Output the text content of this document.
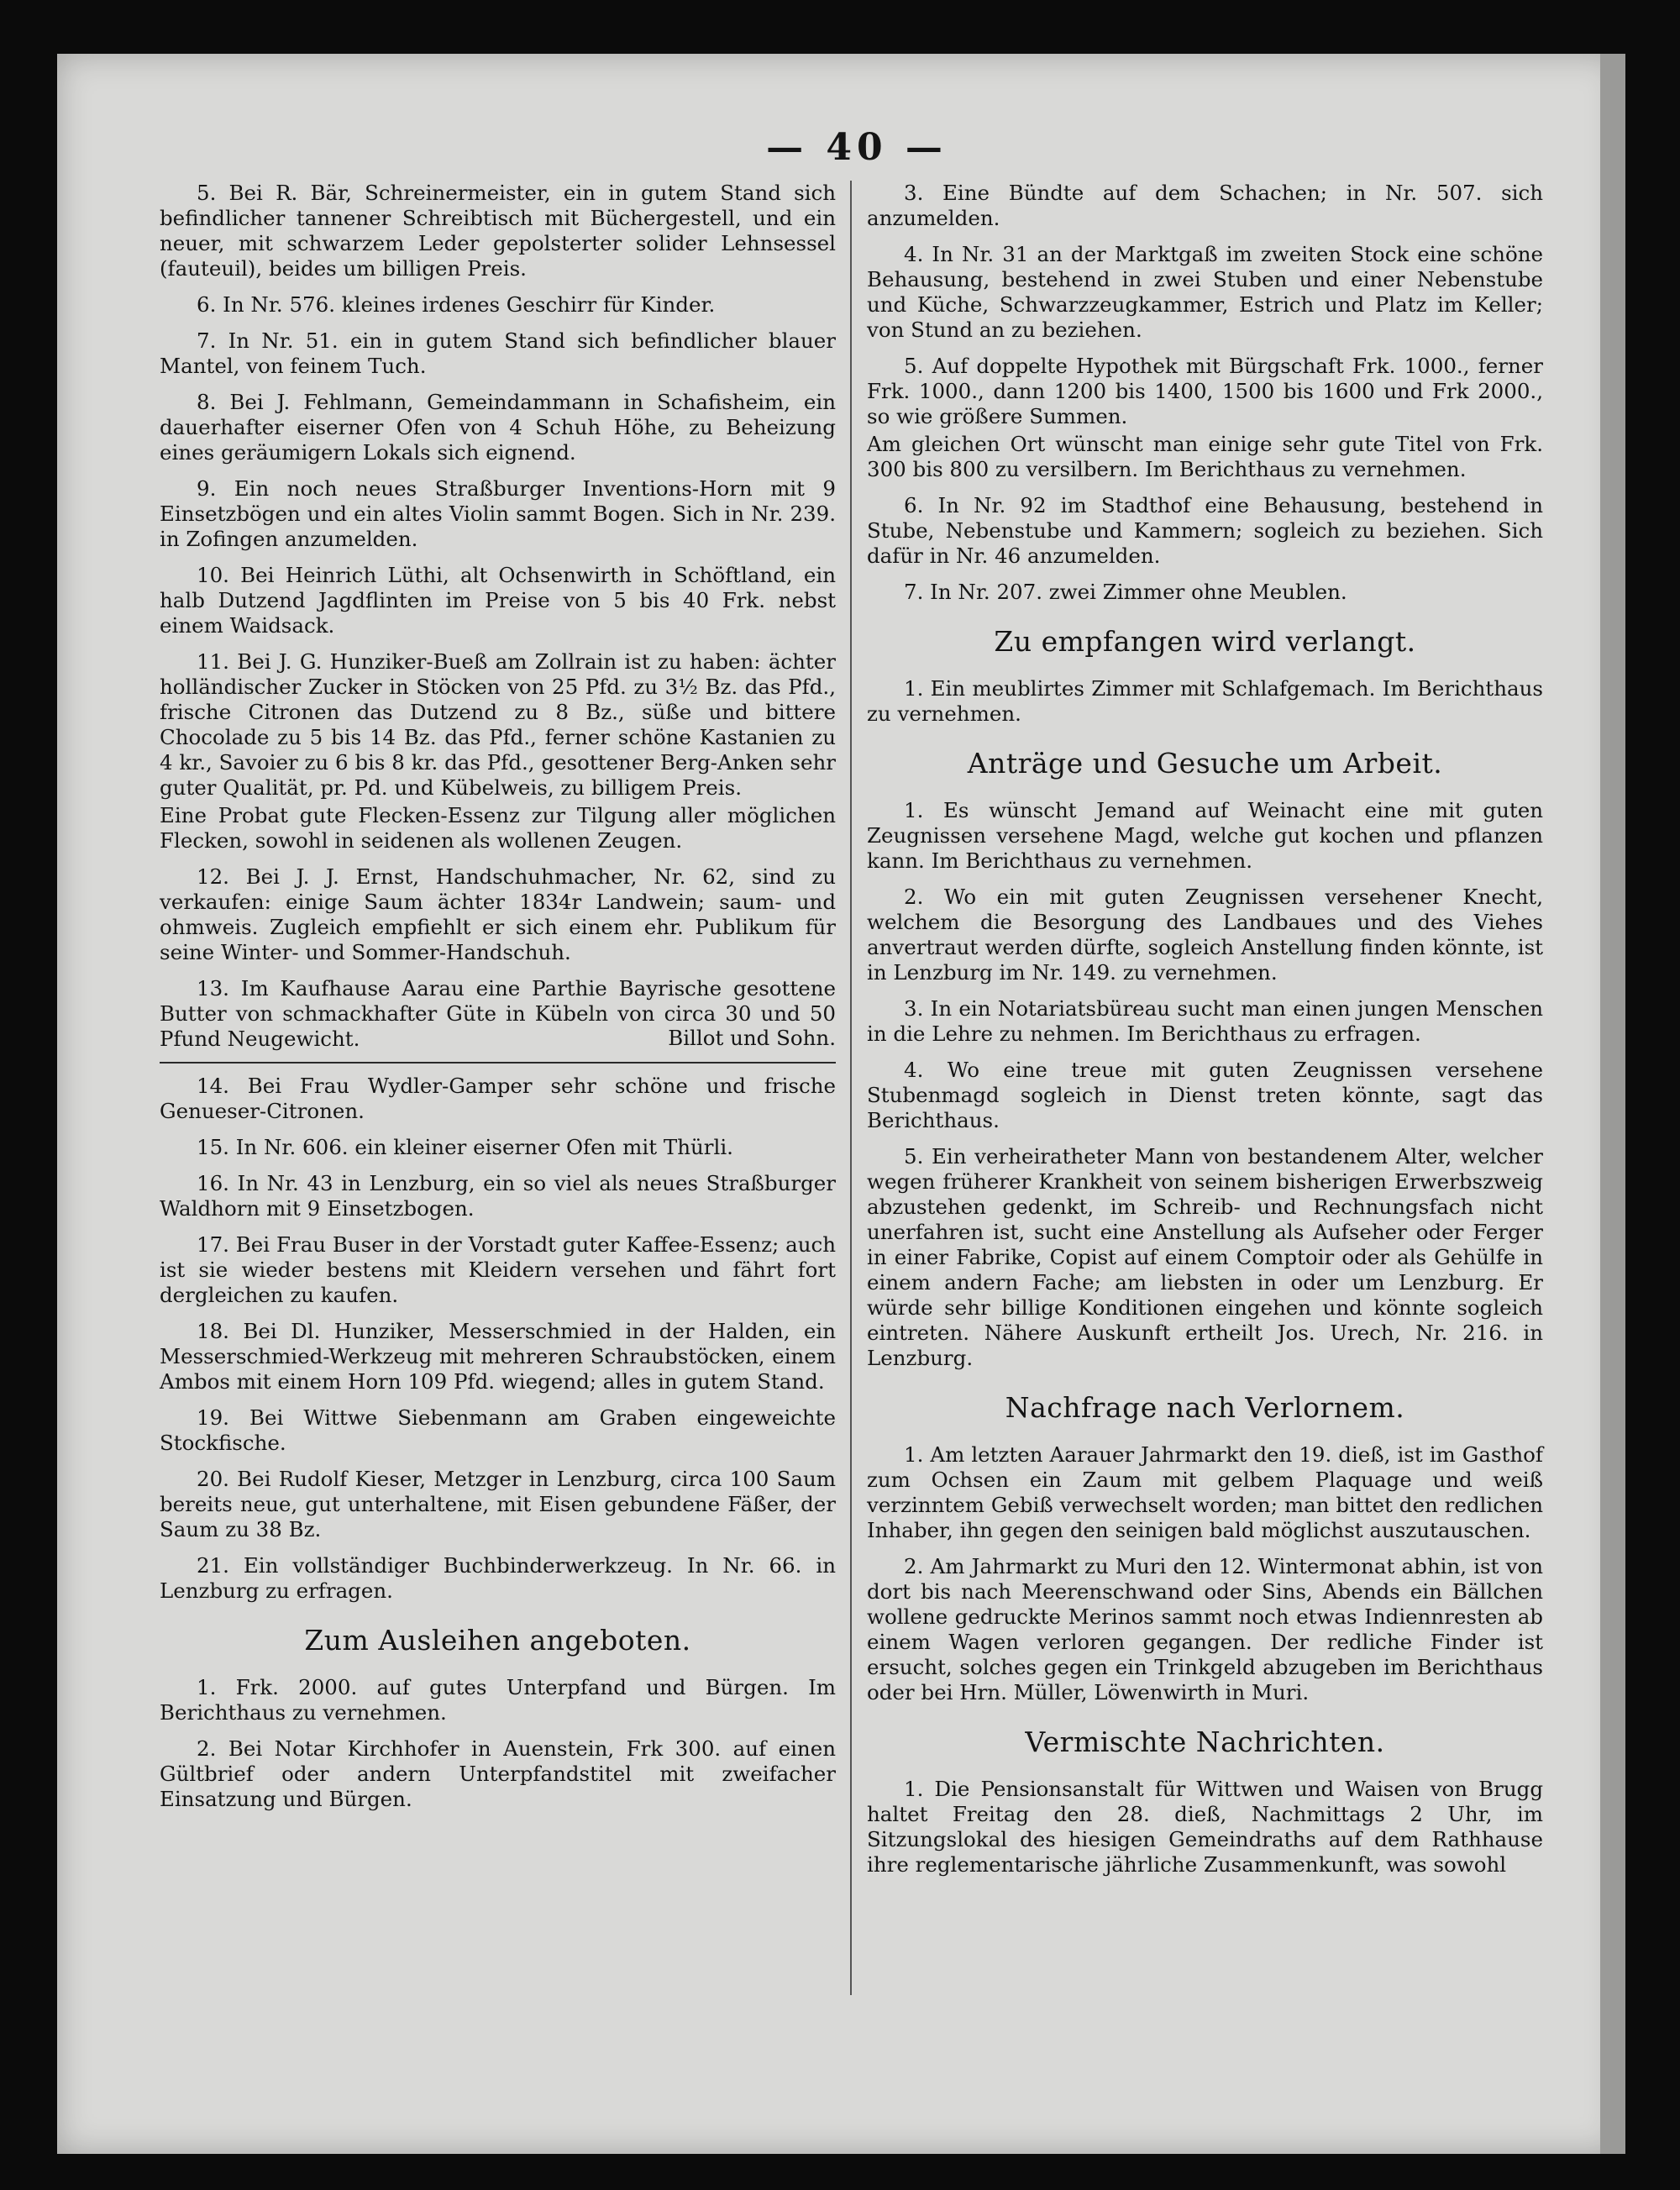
— 40 —

5. Bei R. Bär, Schreinermeister, ein in gutem Stand sich befindlicher tannener Schreibtisch mit Büchergestell, und ein neuer, mit schwarzem Leder gepolsterter solider Lehnsessel (fauteuil), beides um billigen Preis.

6. In Nr. 576. kleines irdenes Geschirr für Kinder.

7. In Nr. 51. ein in gutem Stand sich befindlicher blauer Mantel, von feinem Tuch.

8. Bei J. Fehlmann, Gemeindammann in Schafisheim, ein dauerhafter eiserner Ofen von 4 Schuh Höhe, zu Beheizung eines geräumigern Lokals sich eignend.

9. Ein noch neues Straßburger Inventions-Horn mit 9 Einsetzbögen und ein altes Violin sammt Bogen. Sich in Nr. 239. in Zofingen anzumelden.

10. Bei Heinrich Lüthi, alt Ochsenwirth in Schöftland, ein halb Dutzend Jagdflinten im Preise von 5 bis 40 Frk. nebst einem Waidsack.

11. Bei J. G. Hunziker-Bueß am Zollrain ist zu haben: ächter holländischer Zucker in Stöcken von 25 Pfd. zu 3½ Bz. das Pfd., frische Citronen das Dutzend zu 8 Bz., süße und bittere Chocolade zu 5 bis 14 Bz. das Pfd., ferner schöne Kastanien zu 4 kr., Savoier zu 6 bis 8 kr. das Pfd., gesottener Berg-Anken sehr guter Qualität, pr. Pd. und Kübelweis, zu billigem Preis.

Eine Probat gute Flecken-Essenz zur Tilgung aller möglichen Flecken, sowohl in seidenen als wollenen Zeugen.

12. Bei J. J. Ernst, Handschuhmacher, Nr. 62, sind zu verkaufen: einige Saum ächter 1834r Landwein; saum- und ohmweis. Zugleich empfiehlt er sich einem ehr. Publikum für seine Winter- und Sommer-Handschuh.

13. Im Kaufhause Aarau eine Parthie Bayrische gesottene Butter von schmackhafter Güte in Kübeln von circa 30 und 50 Pfund Neugewicht.	Billot und Sohn.

14. Bei Frau Wydler-Gamper sehr schöne und frische Genueser-Citronen.

15. In Nr. 606. ein kleiner eiserner Ofen mit Thürli.

16. In Nr. 43 in Lenzburg, ein so viel als neues Straßburger Waldhorn mit 9 Einsetzbogen.

17. Bei Frau Buser in der Vorstadt guter Kaffee-Essenz; auch ist sie wieder bestens mit Kleidern versehen und fährt fort dergleichen zu kaufen.

18. Bei Dl. Hunziker, Messerschmied in der Halden, ein Messerschmied-Werkzeug mit mehreren Schraubstöcken, einem Ambos mit einem Horn 109 Pfd. wiegend; alles in gutem Stand.

19. Bei Wittwe Siebenmann am Graben eingeweichte Stockfische.

20. Bei Rudolf Kieser, Metzger in Lenzburg, circa 100 Saum bereits neue, gut unterhaltene, mit Eisen gebundene Fäßer, der Saum zu 38 Bz.

21. Ein vollständiger Buchbinderwerkzeug. In Nr. 66. in Lenzburg zu erfragen.

Zum Ausleihen angeboten.

1. Frk. 2000. auf gutes Unterpfand und Bürgen. Im Berichthaus zu vernehmen.

2. Bei Notar Kirchhofer in Auenstein, Frk 300. auf einen Gültbrief oder andern Unterpfandstitel mit zweifacher Einsatzung und Bürgen.

3. Eine Bündte auf dem Schachen; in Nr. 507. sich anzumelden.

4. In Nr. 31 an der Marktgaß im zweiten Stock eine schöne Behausung, bestehend in zwei Stuben und einer Nebenstube und Küche, Schwarzzeugkammer, Estrich und Platz im Keller; von Stund an zu beziehen.

5. Auf doppelte Hypothek mit Bürgschaft Frk. 1000., ferner Frk. 1000., dann 1200 bis 1400, 1500 bis 1600 und Frk 2000., so wie größere Summen.

Am gleichen Ort wünscht man einige sehr gute Titel von Frk. 300 bis 800 zu versilbern. Im Berichthaus zu vernehmen.

6. In Nr. 92 im Stadthof eine Behausung, bestehend in Stube, Nebenstube und Kammern; sogleich zu beziehen. Sich dafür in Nr. 46 anzumelden.

7. In Nr. 207. zwei Zimmer ohne Meublen.

Zu empfangen wird verlangt.

1. Ein meublirtes Zimmer mit Schlafgemach. Im Berichthaus zu vernehmen.

Anträge und Gesuche um Arbeit.

1. Es wünscht Jemand auf Weinacht eine mit guten Zeugnissen versehene Magd, welche gut kochen und pflanzen kann. Im Berichthaus zu vernehmen.

2. Wo ein mit guten Zeugnissen versehener Knecht, welchem die Besorgung des Landbaues und des Viehes anvertraut werden dürfte, sogleich Anstellung finden könnte, ist in Lenzburg im Nr. 149. zu vernehmen.

3. In ein Notariatsbüreau sucht man einen jungen Menschen in die Lehre zu nehmen. Im Berichthaus zu erfragen.

4. Wo eine treue mit guten Zeugnissen versehene Stubenmagd sogleich in Dienst treten könnte, sagt das Berichthaus.

5. Ein verheiratheter Mann von bestandenem Alter, welcher wegen früherer Krankheit von seinem bisherigen Erwerbszweig abzustehen gedenkt, im Schreib- und Rechnungsfach nicht unerfahren ist, sucht eine Anstellung als Aufseher oder Ferger in einer Fabrike, Copist auf einem Comptoir oder als Gehülfe in einem andern Fache; am liebsten in oder um Lenzburg. Er würde sehr billige Konditionen eingehen und könnte sogleich eintreten. Nähere Auskunft ertheilt Jos. Urech, Nr. 216. in Lenzburg.

Nachfrage nach Verlornem.

1. Am letzten Aarauer Jahrmarkt den 19. dieß, ist im Gasthof zum Ochsen ein Zaum mit gelbem Plaquage und weiß verzinntem Gebiß verwechselt worden; man bittet den redlichen Inhaber, ihn gegen den seinigen bald möglichst auszutauschen.

2. Am Jahrmarkt zu Muri den 12. Wintermonat abhin, ist von dort bis nach Meerenschwand oder Sins, Abends ein Bällchen wollene gedruckte Merinos sammt noch etwas Indiennresten ab einem Wagen verloren gegangen. Der redliche Finder ist ersucht, solches gegen ein Trinkgeld abzugeben im Berichthaus oder bei Hrn. Müller, Löwenwirth in Muri.

Vermischte Nachrichten.

1. Die Pensionsanstalt für Wittwen und Waisen von Brugg haltet Freitag den 28. dieß, Nachmittags 2 Uhr, im Sitzungslokal des hiesigen Gemeindraths auf dem Rathhause ihre reglementarische jährliche Zusammenkunft, was sowohl
